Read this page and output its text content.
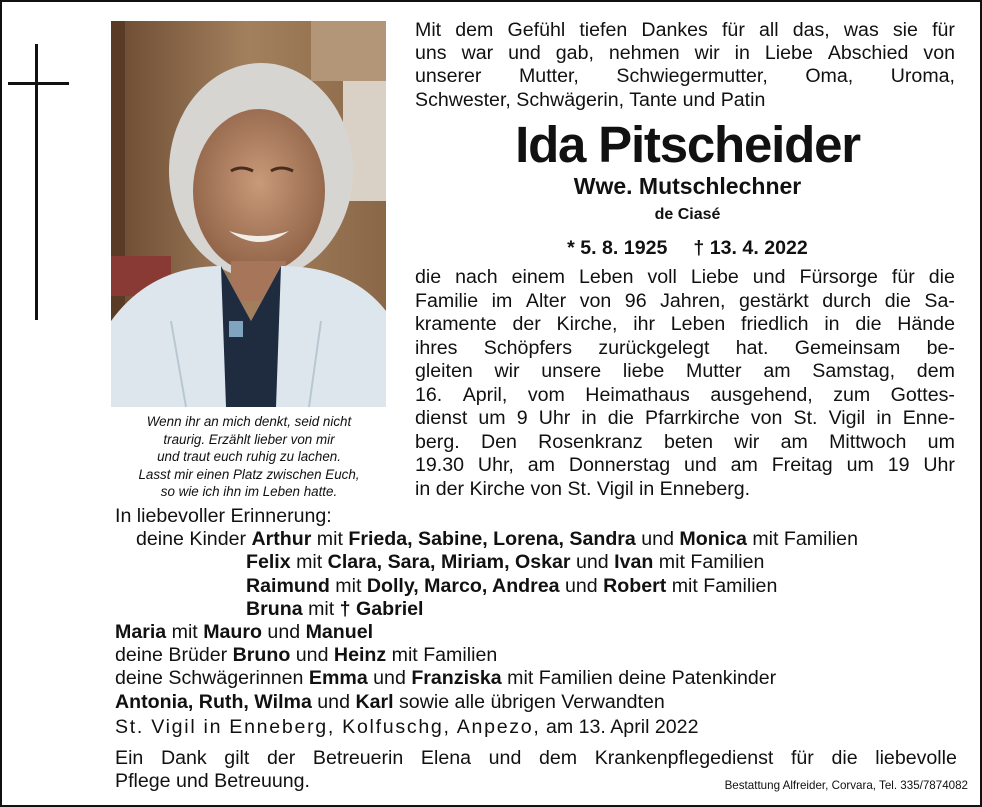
Wenn ihr an mich denkt, seid nicht
traurig. Erzählt lieber von mir
und traut euch ruhig zu lachen.
Lasst mir einen Platz zwischen Euch,
so wie ich ihn im Leben hatte.
Mit dem Gefühl tiefen Dankes für all das, was sie für
uns war und gab, nehmen wir in Liebe Abschied von
unserer Mutter, Schwiegermutter, Oma, Uroma,
Schwester, Schwägerin, Tante und Patin
Ida Pitscheider
Wwe. Mutschlechner
de Ciasé
* 5. 8. 1925 † 13. 4. 2022
die nach einem Leben voll Liebe und Fürsorge für die
Familie im Alter von 96 Jahren, gestärkt durch die Sa-
kramente der Kirche, ihr Leben friedlich in die Hände
ihres Schöpfers zurückgelegt hat. Gemeinsam be-
gleiten wir unsere liebe Mutter am Samstag, dem
16. April, vom Heimathaus ausgehend, zum Gottes-
dienst um 9 Uhr in die Pfarrkirche von St. Vigil in Enne-
berg. Den Rosenkranz beten wir am Mittwoch um
19.30 Uhr, am Donnerstag und am Freitag um 19 Uhr
in der Kirche von St. Vigil in Enneberg.
In liebevoller Erinnerung:
deine Kinder Arthur mit Frieda, Sabine, Lorena, Sandra und Monica mit Familien
Felix mit Clara, Sara, Miriam, Oskar und Ivan mit Familien
Raimund mit Dolly, Marco, Andrea und Robert mit Familien
Bruna mit † Gabriel
Maria mit Mauro und Manuel
deine Brüder Bruno und Heinz mit Familien
deine Schwägerinnen Emma und Franziska mit Familien deine Patenkinder
Antonia, Ruth, Wilma und Karl sowie alle übrigen Verwandten
St. Vigil in Enneberg, Kolfuschg, Anpezo, am 13. April 2022
Ein Dank gilt der Betreuerin Elena und dem Krankenpflegedienst für die liebevolle
Pflege und Betreuung.	Bestattung Alfreider, Corvara, Tel. 335/7874082
